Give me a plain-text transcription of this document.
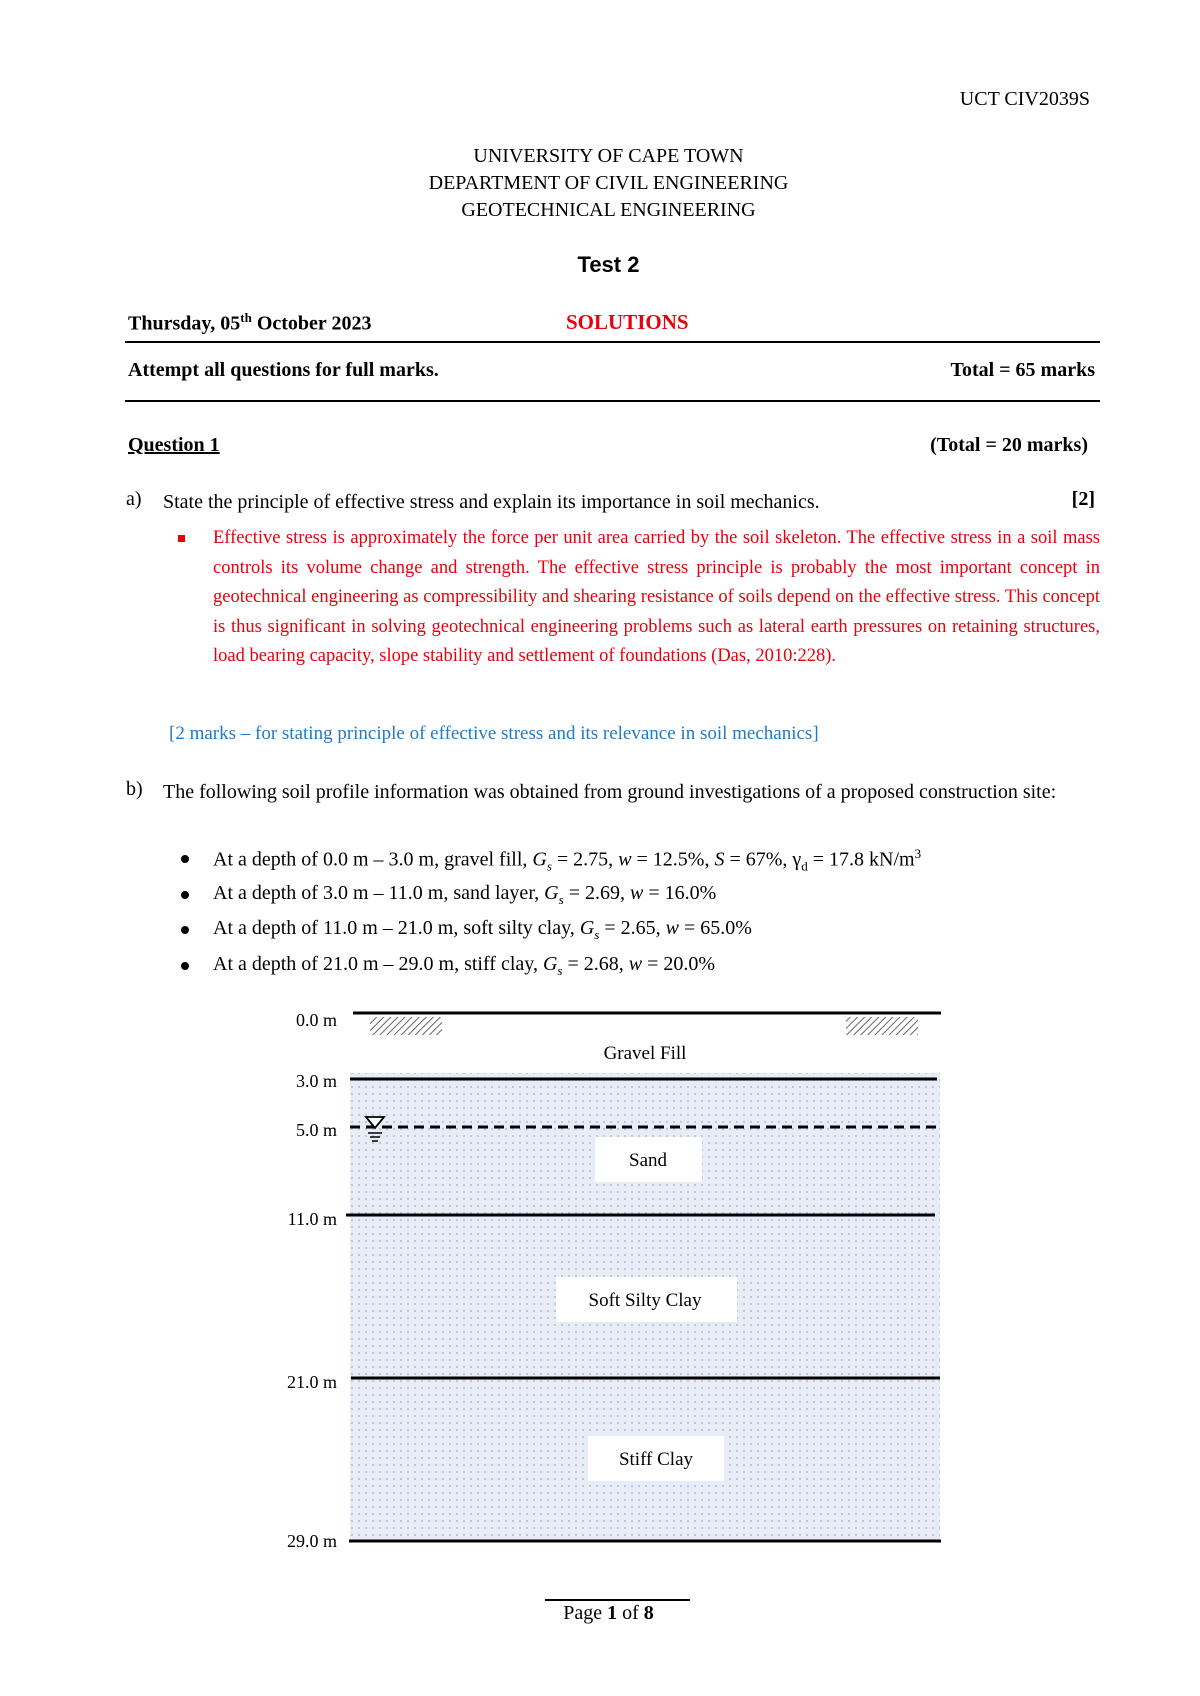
UCT CIV2039S
UNIVERSITY OF CAPE TOWN
DEPARTMENT OF CIVIL ENGINEERING
GEOTECHNICAL ENGINEERING
Test 2
Thursday, 05th October 2023	SOLUTIONS
Attempt all questions for full marks.	Total = 65 marks
Question 1	(Total = 20 marks)
a) State the principle of effective stress and explain its importance in soil mechanics.	[2]
Effective stress is approximately the force per unit area carried by the soil skeleton. The effective stress in a soil mass controls its volume change and strength. The effective stress principle is probably the most important concept in geotechnical engineering as compressibility and shearing resistance of soils depend on the effective stress. This concept is thus significant in solving geotechnical engineering problems such as lateral earth pressures on retaining structures, load bearing capacity, slope stability and settlement of foundations (Das, 2010:228).
[2 marks – for stating principle of effective stress and its relevance in soil mechanics]
b) The following soil profile information was obtained from ground investigations of a proposed construction site:
At a depth of 0.0 m – 3.0 m, gravel fill, $G_s = 2.75$, w = 12.5%, S = 67%, $\gamma_d = 17.8$ $kN/m^3$
At a depth of 3.0 m – 11.0 m, sand layer, $G_s = 2.69$, w = 16.0%
At a depth of 11.0 m – 21.0 m, soft silty clay, $G_s = 2.65$, w = 65.0%
At a depth of 21.0 m – 29.0 m, stiff clay, $G_s = 2.68$, w = 20.0%
0.0 m
3.0 m
5.0 m
11.0 m
21.0 m
29.0 m
Gravel Fill
Sand
Soft Silty Clay
Stiff Clay
Page 1 of 8
